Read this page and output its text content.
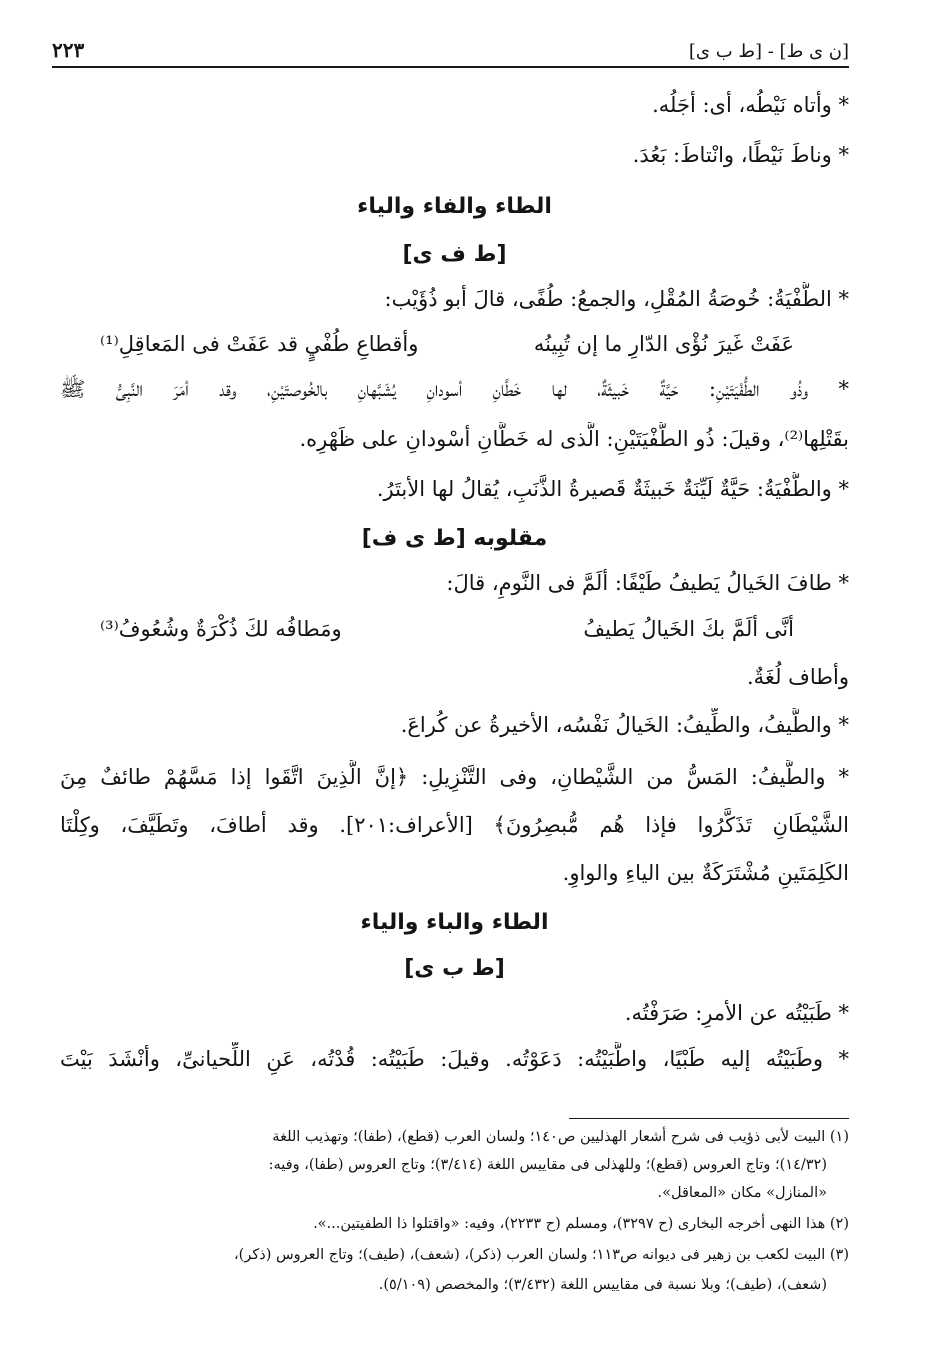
[ن ى ط] - [ط ب ى]
٢٢٣
* وأتاه نَيْطُه، أى: أجَلُه.
* وناطَ نَيْطًا، وانْتاطَ: بَعُدَ.
الطاء والفاء والياء
[ط ف ى]
* الطُّفْيَةُ: خُوصَةُ المُقْلِ، والجمعُ: طُفًى، قالَ أبو ذُؤَيْب:
عَفَتْ غَيرَ نُؤْى الدّارِ ما إن تُبِينُه
وأقطاعِ طُفْيٍ قد عَفَتْ فى المَعاقِلِ⁽¹⁾
* وذُو الطُّفْيَتَيْنِ: حَيَّةٌ خَبيثَةٌ، لها خَطَّانِ أسودانِ يُشَبَّهانِ بالخُوصتَيْنِ، وقد أمَرَ النَّبِىُّ ﷺ
بقَتْلِها⁽²⁾، وقيلَ: ذُو الطُّفْيَتَيْنِ: الَّذى له خَطَّانِ أسْودانِ على ظَهْرِه.
* والطُّفْيَةُ: حَيَّةٌ لَيِّنَةٌ خَبيثَةٌ قَصيرةُ الذَّنَبِ، يُقالُ لها الأبتَرُ.
مقلوبه [ط ى ف]
* طافَ الخَيالُ يَطيفُ طَيْفًا: ألَمَّ فى النَّومِ، قالَ:
أنَّى ألَمَّ بكَ الخَيالُ يَطيفُ
ومَطافُه لكَ ذُكْرَةٌ وشُعُوفُ⁽³⁾
وأطاف لُغَةٌ.
* والطَّيفُ، والطِّيفُ: الخَيالُ نَفْسُه، الأخيرةُ عن كُراعَ.
* والطَّيفُ: المَسُّ من الشَّيْطانِ، وفى التَّنْزِيلِ: ﴿إنَّ الَّذِينَ اتَّقَوا إذا مَسَّهُمْ طائفٌ مِنَ
الشَّيْطَانِ تَذَكَّرُوا فإذا هُم مُّبصِرُونَ﴾ [الأعراف:٢٠١]. وقد أطافَ، وتَطَيَّفَ، وكِلْتَا
الكَلِمَتَينِ مُشْتَرَكَةٌ بين الياءِ والواوِ.
الطاء والباء والياء
[ط ب ى]
* طَبَيْتُه عن الأمرِ: صَرَفْتُه.
* وطَبَيْتُه إليه طَبْيًا، واطَّبَيْتُه: دَعَوْتُه. وقيلَ: طَبَيْتُه: قُدْتُه، عَنِ اللِّحيانىِّ، وأنْشَدَ بَيْتَ
(١) البيت لأبى ذؤيب فى شرح أشعار الهذليين ص١٤٠؛ ولسان العرب (قطع)، (طفا)؛ وتهذيب اللغة
(١٤/٣٢)؛ وتاج العروس (قطع)؛ وللهذلى فى مقاييس اللغة (٣/٤١٤)؛ وتاج العروس (طفا)، وفيه:
«المنازل» مكان «المعاقل».
(٢) هذا النهى أخرجه البخارى (ح ٣٢٩٧)، ومسلم (ح ٢٢٣٣)، وفيه: «واقتلوا ذا الطفيتين...».
(٣) البيت لكعب بن زهير فى ديوانه ص١١٣؛ ولسان العرب (ذكر)، (شعف)، (طيف)؛ وتاج العروس (ذكر)،
(شعف)، (طيف)؛ وبلا نسبة فى مقاييس اللغة (٣/٤٣٢)؛ والمخصص (٥/١٠٩).
